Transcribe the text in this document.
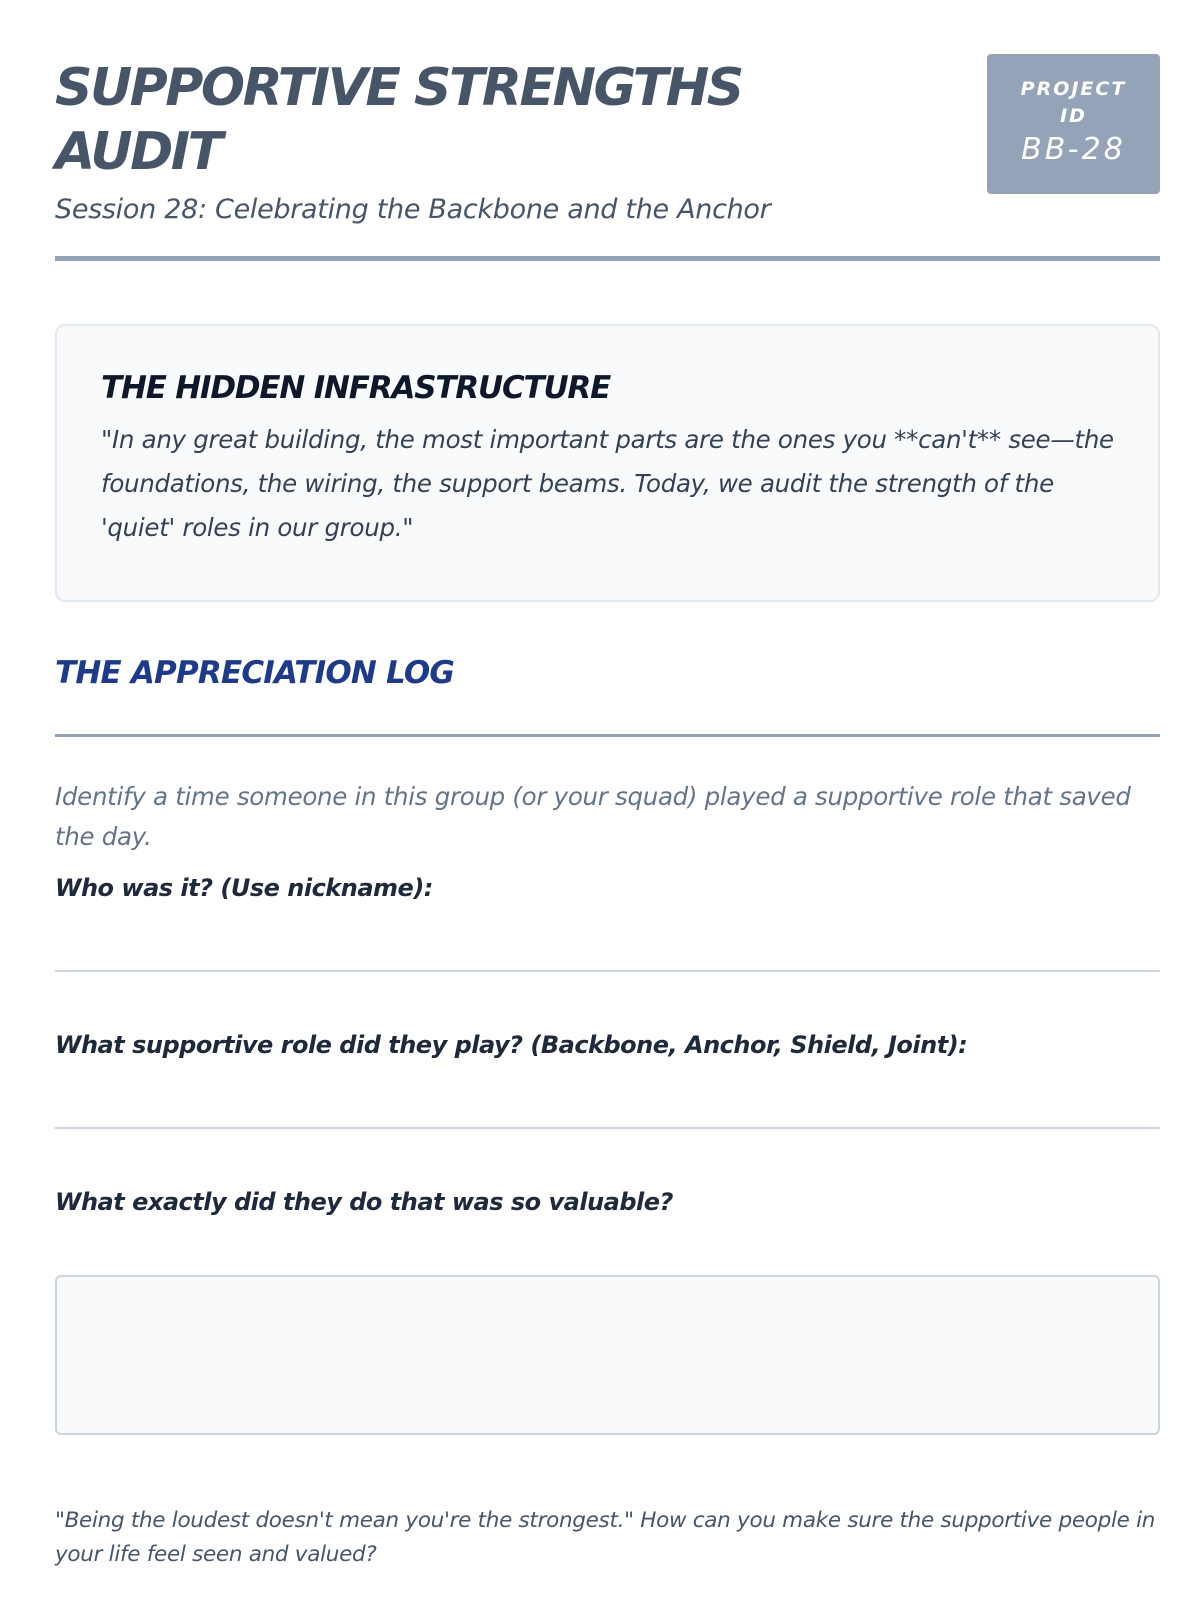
SUPPORTIVE STRENGTHS AUDIT

Session 28: Celebrating the Backbone and the Anchor

PROJECT ID
BB-28
THE HIDDEN INFRASTRUCTURE

"In any great building, the most important parts are the ones you **can't** see—the foundations, the wiring, the support beams. Today, we audit the strength of the 'quiet' roles in our group."

THE APPRECIATION LOG

Identify a time someone in this group (or your squad) played a supportive role that saved the day.

Who was it? (Use nickname):

What supportive role did they play? (Backbone, Anchor, Shield, Joint):

What exactly did they do that was so valuable?

"Being the loudest doesn't mean you're the strongest." How can you make sure the supportive people in your life feel seen and valued?
